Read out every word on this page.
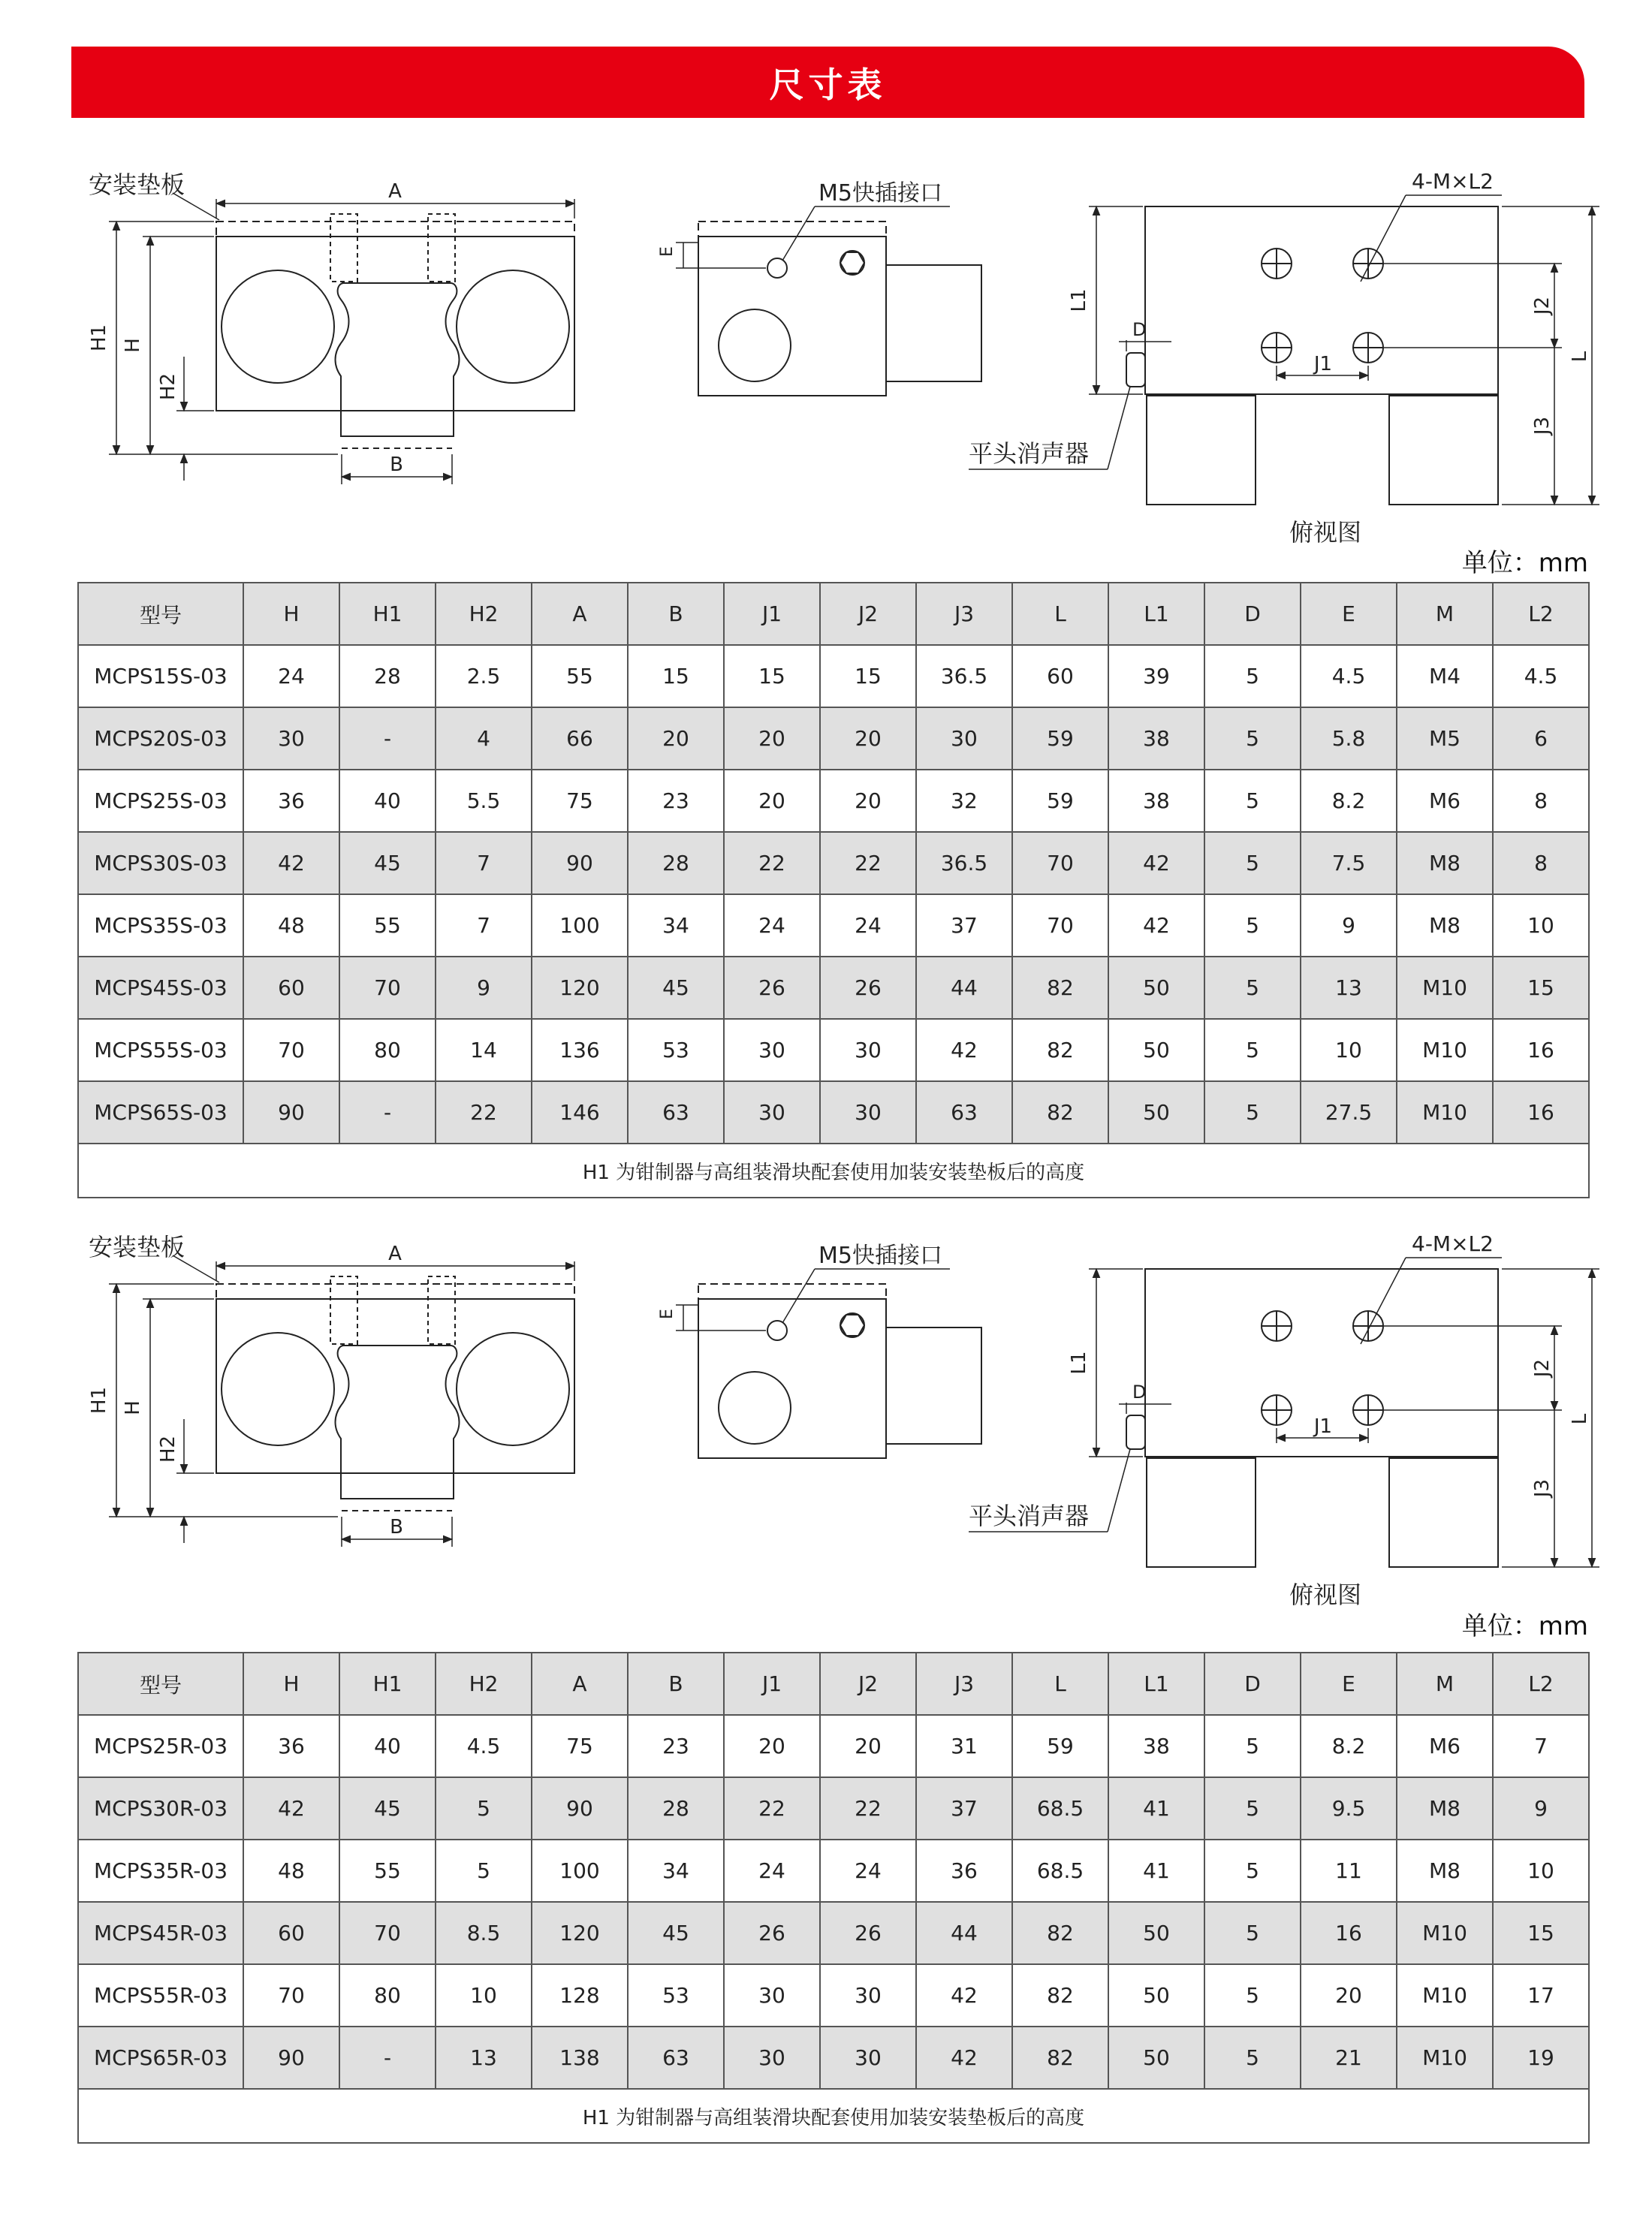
尺寸表
安装垫板	A
H1 H
H2
B
E
M5快插接口	4-M×L2
L1
D
J1
J2
J3
L
平头消声器
俯视图
单位：mm
型号	H	H1	H2	A	B	J1	J2	J3	L	L1	D	E	M	L2
MCPS15S-03	24	28	2.5	55	15	15	15	36.5	60	39	5	4.5	M4	4.5
MCPS20S-03	30	-	4	66	20	20	20	30	59	38	5	5.8	M5	6
MCPS25S-03	36	40	5.5	75	23	20	20	32	59	38	5	8.2	M6	8
MCPS30S-03	42	45	7	90	28	22	22	36.5	70	42	5	7.5	M8	8
MCPS35S-03	48	55	7	100	34	24	24	37	70	42	5	9	M8	10
MCPS45S-03	60	70	9	120	45	26	26	44	82	50	5	13	M10	15
MCPS55S-03	70	80	14	136	53	30	30	42	82	50	5	10	M10	16
MCPS65S-03	90	-	22	146	63	30	30	63	82	50	5	27.5	M10	16
H1 为钳制器与高组装滑块配套使用加装安装垫板后的高度														
安装垫板	A
H1 H
H2
B
E
M5快插接口	4-M×L2
L1
D
J1
J2
J3
L
平头消声器
俯视图
单位：mm
型号	H	H1	H2	A	B	J1	J2	J3	L	L1	D	E	M	L2
MCPS25R-03	36	40	4.5	75	23	20	20	31	59	38	5	8.2	M6	7
MCPS30R-03	42	45	5	90	28	22	22	37	68.5	41	5	9.5	M8	9
MCPS35R-03	48	55	5	100	34	24	24	36	68.5	41	5	11	M8	10
MCPS45R-03	60	70	8.5	120	45	26	26	44	82	50	5	16	M10	15
MCPS55R-03	70	80	10	128	53	30	30	42	82	50	5	20	M10	17
MCPS65R-03	90	-	13	138	63	30	30	42	82	50	5	21	M10	19
H1 为钳制器与高组装滑块配套使用加装安装垫板后的高度														
